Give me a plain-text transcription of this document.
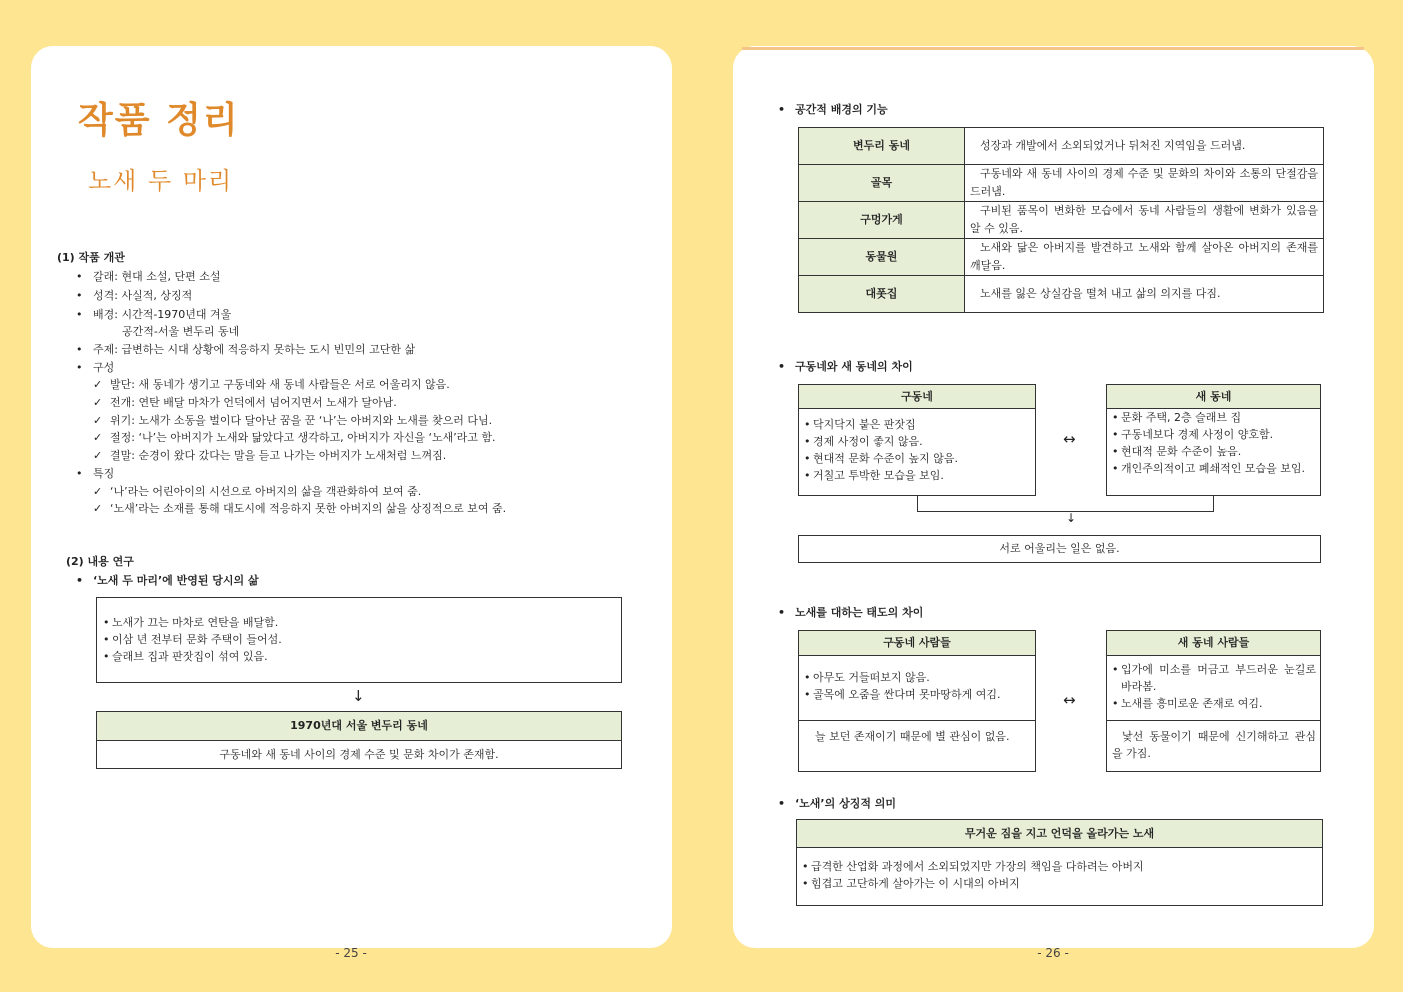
작품 정리
노새 두 마리
(1) 작품 개관
• 갈래: 현대 소설, 단편 소설
• 성격: 사실적, 상징적
• 배경: 시간적-1970년대 겨울
공간적-서울 변두리 동네
• 주제: 급변하는 시대 상황에 적응하지 못하는 도시 빈민의 고단한 삶
• 구성
✓ 발단: 새 동네가 생기고 구동네와 새 동네 사람들은 서로 어울리지 않음.
✓ 전개: 연탄 배달 마차가 언덕에서 넘어지면서 노새가 달아남.
✓ 위기: 노새가 소동을 벌이다 달아난 꿈을 꾼 ‘나’는 아버지와 노새를 찾으러 다님.
✓ 절정: ‘나’는 아버지가 노새와 닮았다고 생각하고, 아버지가 자신을 ‘노새’라고 함.
✓ 결말: 순경이 왔다 갔다는 말을 듣고 나가는 아버지가 노새처럼 느껴짐.
• 특징
✓ ‘나’라는 어린아이의 시선으로 아버지의 삶을 객관화하여 보여 줌.
✓ ‘노새’라는 소재를 통해 대도시에 적응하지 못한 아버지의 삶을 상징적으로 보여 줌.
(2) 내용 연구
• ‘노새 두 마리’에 반영된 당시의 삶
• 노새가 끄는 마차로 연탄을 배달함.
• 이삼 년 전부터 문화 주택이 들어섬.
• 슬래브 집과 판잣집이 섞여 있음.
↓
1970년대 서울 변두리 동네
구동네와 새 동네 사이의 경제 수준 및 문화 차이가 존재함.
- 25 -
• 공간적 배경의 기능
변두리 동네	성장과 개발에서 소외되었거나 뒤처진 지역임을 드러냄.
골목	구동네와 새 동네 사이의 경제 수준 및 문화의 차이와 소통의 단절감을 드러냄.
구멍가게	구비된 품목이 변화한 모습에서 동네 사람들의 생활에 변화가 있음을 알 수 있음.
동물원	노새와 닮은 아버지를 발견하고 노새와 함께 살아온 아버지의 존재를 깨달음.
대폿집	노새를 잃은 상실감을 떨쳐 내고 삶의 의지를 다짐.
• 구동네와 새 동네의 차이
구동네
• 닥지닥지 붙은 판잣집
• 경제 사정이 좋지 않음.
• 현대적 문화 수준이 높지 않음.
• 거칠고 투박한 모습을 보임.
↔
새 동네
• 문화 주택, 2층 슬래브 집
• 구동네보다 경제 사정이 양호함.
• 현대적 문화 수준이 높음.
• 개인주의적이고 폐쇄적인 모습을 보임.
↓
서로 어울리는 일은 없음.
• 노새를 대하는 태도의 차이
구동네 사람들
• 아무도 거들떠보지 않음.
• 골목에 오줌을 싼다며 못마땅하게 여김.
늘 보던 존재이기 때문에 별 관심이 없음.
↔
새 동네 사람들
• 입가에 미소를 머금고 부드러운 눈길로 바라봄.
• 노새를 흥미로운 존재로 여김.
낯선 동물이기 때문에 신기해하고 관심을 가짐.
• ‘노새’의 상징적 의미
무거운 짐을 지고 언덕을 올라가는 노새
• 급격한 산업화 과정에서 소외되었지만 가장의 책임을 다하려는 아버지
• 힘겹고 고단하게 살아가는 이 시대의 아버지
- 26 -
